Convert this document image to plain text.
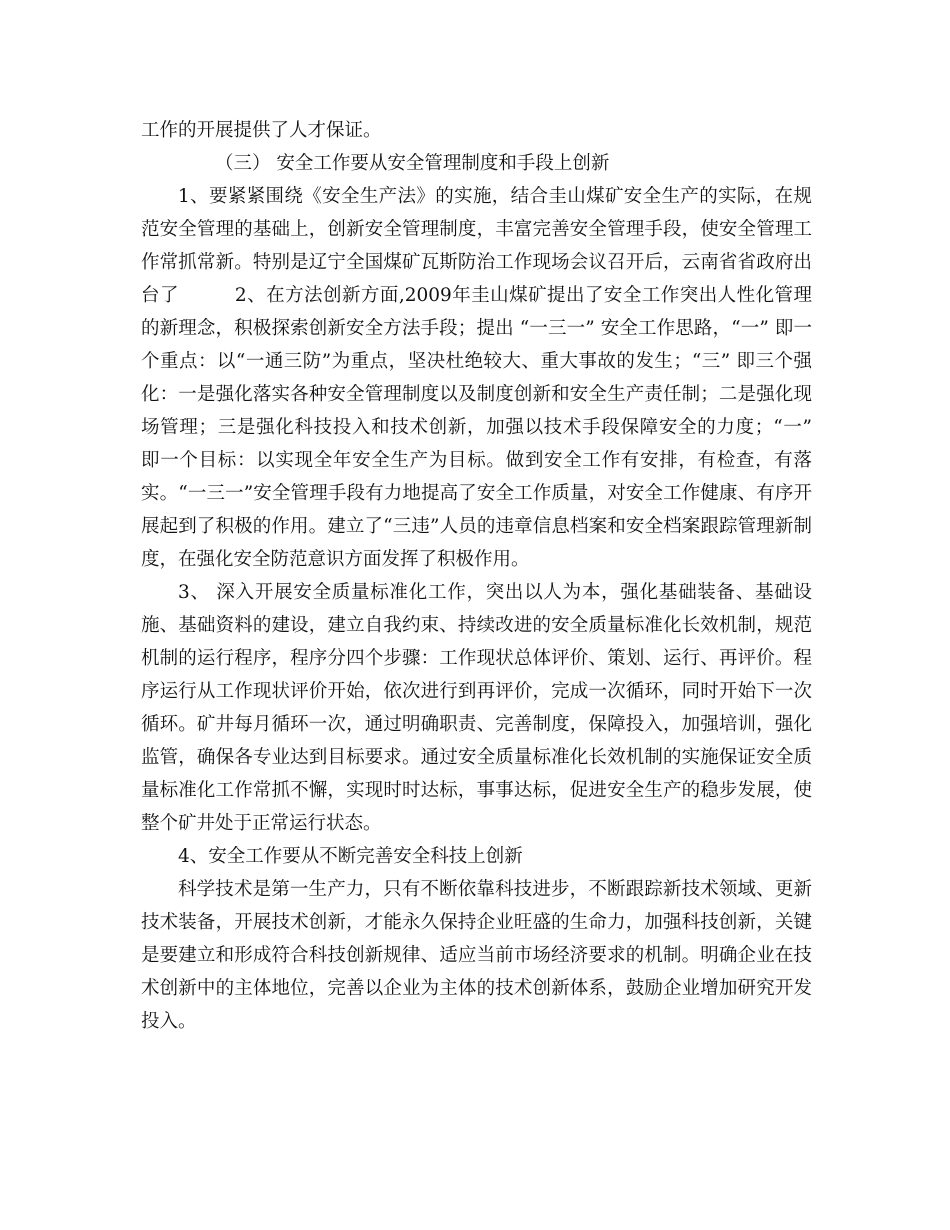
工作的开展提供了人才保证。

（三） 安全工作要从安全管理制度和手段上创新

1、要紧紧围绕《安全生产法》的实施，结合圭山煤矿安全生产的实际，在规范安全管理的基础上，创新安全管理制度，丰富完善安全管理手段，使安全管理工作常抓常新。特别是辽宁全国煤矿瓦斯防治工作现场会议召开后，云南省省政府出台了	2、在方法创新方面,2009年圭山煤矿提出了安全工作突出人性化管理的新理念，积极探索创新安全方法手段；提出 “一三一” 安全工作思路，“一” 即一个重点：以“一通三防”为重点，坚决杜绝较大、重大事故的发生；“三” 即三个强化：一是强化落实各种安全管理制度以及制度创新和安全生产责任制；二是强化现场管理；三是强化科技投入和技术创新，加强以技术手段保障安全的力度；“一” 即一个目标：以实现全年安全生产为目标。做到安全工作有安排，有检查，有落实。“一三一”安全管理手段有力地提高了安全工作质量，对安全工作健康、有序开展起到了积极的作用。建立了“三违”人员的违章信息档案和安全档案跟踪管理新制度，在强化安全防范意识方面发挥了积极作用。

3、 深入开展安全质量标准化工作，突出以人为本，强化基础装备、基础设施、基础资料的建设，建立自我约束、持续改进的安全质量标准化长效机制，规范机制的运行程序，程序分四个步骤：工作现状总体评价、策划、运行、再评价。程序运行从工作现状评价开始，依次进行到再评价，完成一次循环，同时开始下一次循环。矿井每月循环一次，通过明确职责、完善制度，保障投入，加强培训，强化监管，确保各专业达到目标要求。通过安全质量标准化长效机制的实施保证安全质量标准化工作常抓不懈，实现时时达标，事事达标，促进安全生产的稳步发展，使整个矿井处于正常运行状态。

4、安全工作要从不断完善安全科技上创新

科学技术是第一生产力，只有不断依靠科技进步，不断跟踪新技术领域、更新技术装备，开展技术创新，才能永久保持企业旺盛的生命力，加强科技创新，关键是要建立和形成符合科技创新规律、适应当前市场经济要求的机制。明确企业在技术创新中的主体地位，完善以企业为主体的技术创新体系，鼓励企业增加研究开发投入。
